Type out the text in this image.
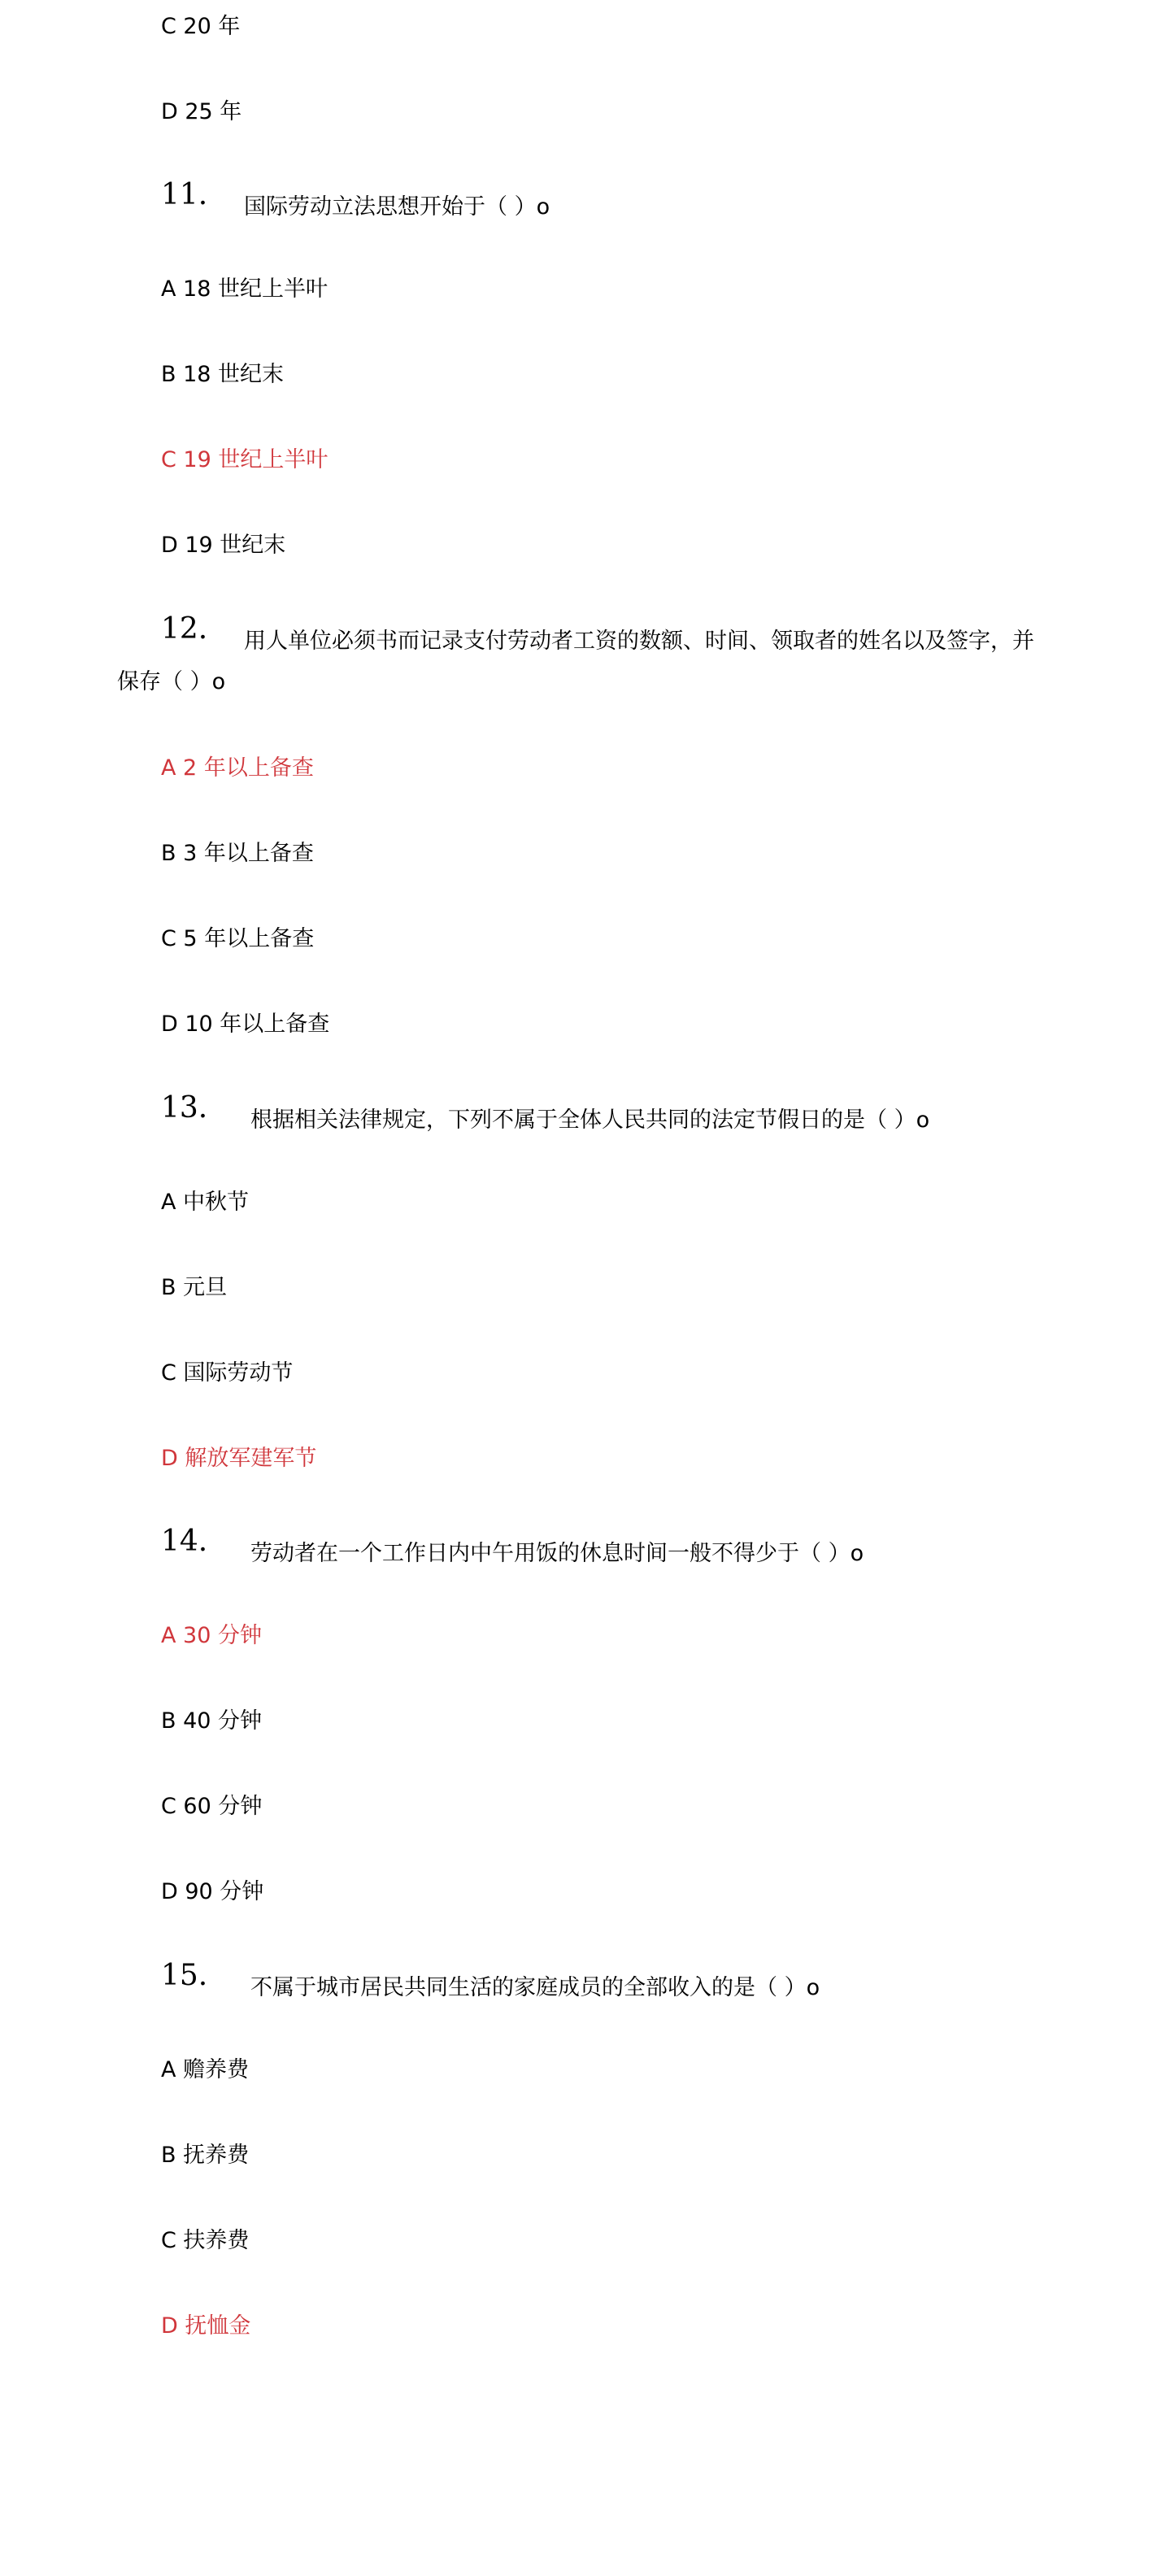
C 20 年
D 25 年
11. 国际劳动立法思想开始于（ ）o
A 18 世纪上半叶
B 18 世纪末
C 19 世纪上半叶
D 19 世纪末
12. 用人单位必须书而记录支付劳动者工资的数额、时间、领取者的姓名以及签字，并
保存（ ）o
A 2 年以上备查
B 3 年以上备查
C 5 年以上备查
D 10 年以上备查
13. 根据相关法律规定，下列不属于全体人民共同的法定节假日的是（ ）o
A 中秋节
B 元旦
C 国际劳动节
D 解放军建军节
14. 劳动者在一个工作日内中午用饭的休息时间一般不得少于（ ）o
A 30 分钟
B 40 分钟
C 60 分钟
D 90 分钟
15. 不属于城市居民共同生活的家庭成员的全部收入的是（ ）o
A 赡养费
B 抚养费
C 扶养费
D 抚恤金
